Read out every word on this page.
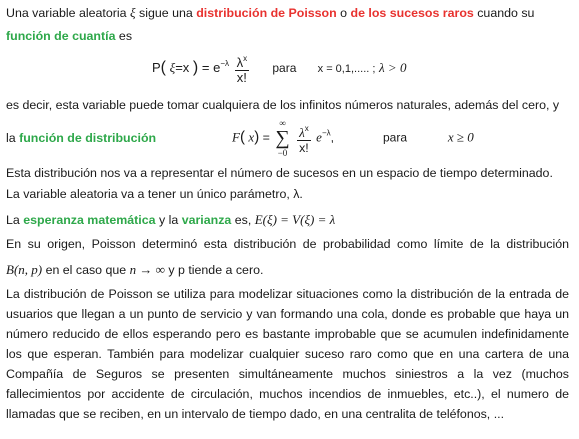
Una variable aleatoria ξ sigue una distribución de Poisson o de los sucesos raros cuando su
función de cuantía es
P( ξ=x ) = $e^{-\lambda} \frac{\lambda^x}{x!}$ para x = 0,1,..... ; λ > 0
es decir, esta variable puede tomar cualquiera de los infinitos números naturales, además del cero, y
la función de distribución	F( x) =
∞
∑
−0
$\frac{\lambda^x}{x!} e^{-\lambda}$,	para	x ≥ 0
Esta distribución nos va a representar el número de sucesos en un espacio de tiempo determinado.
La variable aleatoria va a tener un único parámetro, λ.
La esperanza matemática y la varianza es, E(ξ) = V(ξ) = λ
En su origen, Poisson determinó esta distribución de probabilidad como límite de la distribución
B(n, p) en el caso que n → ∞ y p tiende a cero.
La distribución de Poisson se utiliza para modelizar situaciones como la distribución de la entrada de
usuarios que llegan a un punto de servicio y van formando una cola, donde es probable que haya un
número reducido de ellos esperando pero es bastante improbable que se acumulen indefinidamente
los que esperan. También para modelizar cualquier suceso raro como que en una cartera de una
Compañía de Seguros se presenten simultáneamente muchos siniestros a la vez (muchos
fallecimientos por accidente de circulación, muchos incendios de inmuebles, etc..), el numero de
llamadas que se reciben, en un intervalo de tiempo dado, en una centralita de teléfonos, ...
